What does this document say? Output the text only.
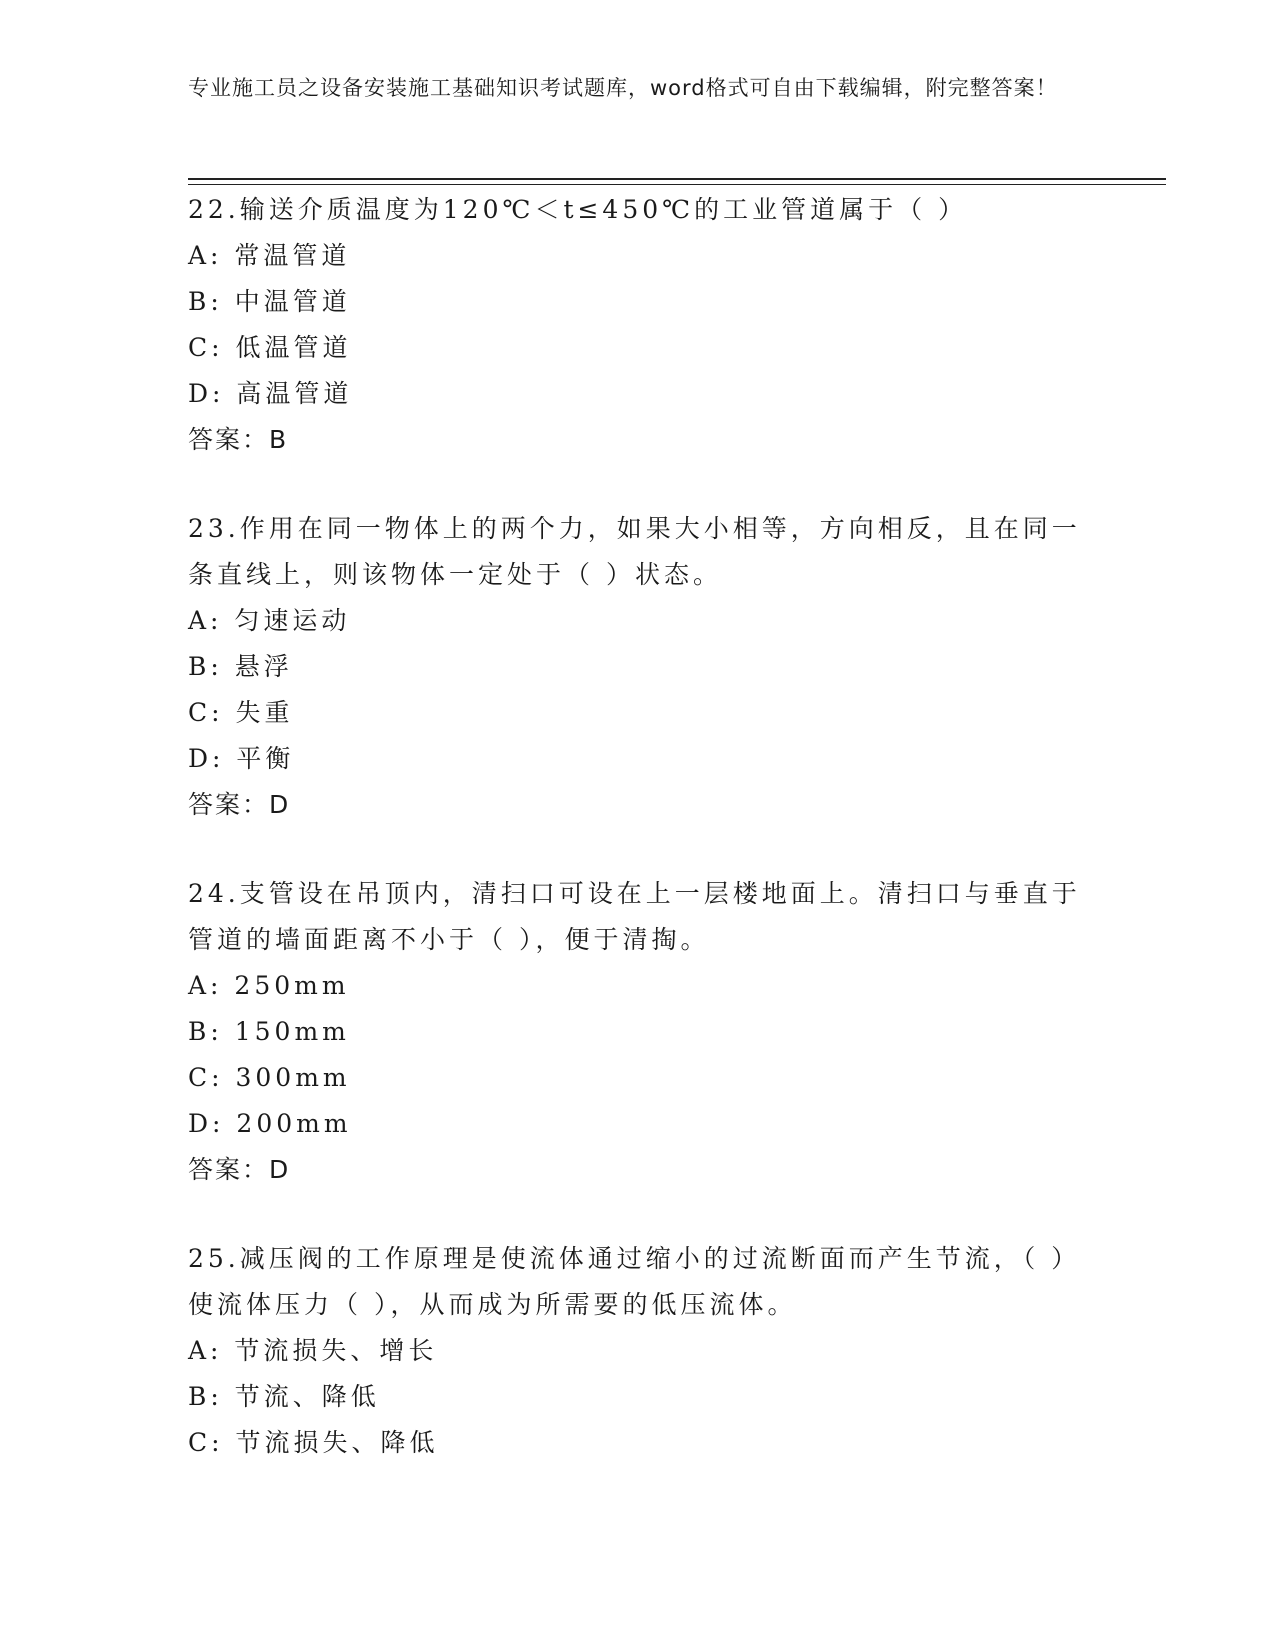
专业施工员之设备安装施工基础知识考试题库，word格式可自由下载编辑，附完整答案！

22.输送介质温度为120℃＜t≤450℃的工业管道属于（ ）

A: 常温管道

B: 中温管道

C: 低温管道

D: 高温管道

答案：B

23.作用在同一物体上的两个力，如果大小相等，方向相反，且在同一条直线上，则该物体一定处于（ ）状态。

A: 匀速运动

B: 悬浮

C: 失重

D: 平衡

答案：D

24.支管设在吊顶内，清扫口可设在上一层楼地面上。清扫口与垂直于管道的墙面距离不小于（ ），便于清掏。

A: 250mm

B: 150mm

C: 300mm

D: 200mm

答案：D

25.减压阀的工作原理是使流体通过缩小的过流断面而产生节流，（ ）使流体压力（ ），从而成为所需要的低压流体。

A: 节流损失、增长

B: 节流、降低

C: 节流损失、降低
